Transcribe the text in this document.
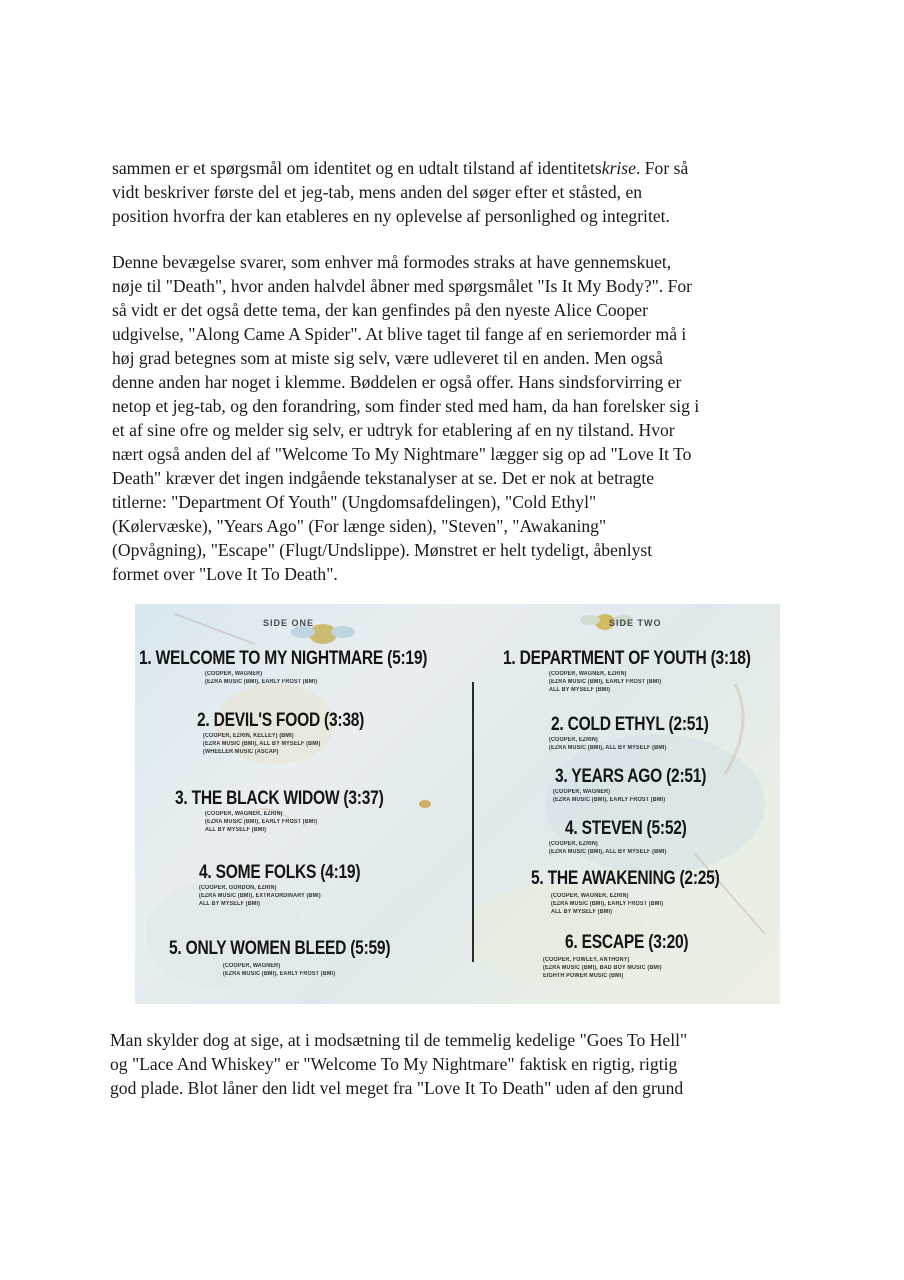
sammen er et spørgsmål om identitet og en udtalt tilstand af identitetskrise. For så
vidt beskriver første del et jeg-tab, mens anden del søger efter et ståsted, en
position hvorfra der kan etableres en ny oplevelse af personlighed og integritet.
Denne bevægelse svarer, som enhver må formodes straks at have gennemskuet,
nøje til "Death", hvor anden halvdel åbner med spørgsmålet "Is It My Body?". For
så vidt er det også dette tema, der kan genfindes på den nyeste Alice Cooper
udgivelse, "Along Came A Spider". At blive taget til fange af en seriemorder må i
høj grad betegnes som at miste sig selv, være udleveret til en anden. Men også
denne anden har noget i klemme. Bøddelen er også offer. Hans sindsforvirring er
netop et jeg-tab, og den forandring, som finder sted med ham, da han forelsker sig i
et af sine ofre og melder sig selv, er udtryk for etablering af en ny tilstand. Hvor
nært også anden del af "Welcome To My Nightmare" lægger sig op ad "Love It To
Death" kræver det ingen indgående tekstanalyser at se. Det er nok at betragte
titlerne: "Department Of Youth" (Ungdomsafdelingen), "Cold Ethyl"
(Kølervæske), "Years Ago" (For længe siden), "Steven", "Awakaning"
(Opvågning), "Escape" (Flugt/Undslippe). Mønstret er helt tydeligt, åbenlyst
formet over "Love It To Death".
SIDE ONE	SIDE TWO
1. WELCOME TO MY NIGHTMARE (5:19)
(COOPER, WAGNER)
(EZRA MUSIC (BMI), EARLY FROST (BMI)
2. DEVIL'S FOOD (3:38)
(COOPER, EZRIN, KELLEY) (BMI)
(EZRA MUSIC (BMI), ALL BY MYSELF (BMI)
(WHEELER MUSIC (ASCAP)
3. THE BLACK WIDOW (3:37)
(COOPER, WAGNER, EZRIN)
(EZRA MUSIC (BMI), EARLY FROST (BMI)
ALL BY MYSELF (BMI)
4. SOME FOLKS (4:19)
(COOPER, GORDON, EZRIN)
(EZRA MUSIC (BMI), EXTRAORDINARY (BMI)
ALL BY MYSELF (BMI)
5. ONLY WOMEN BLEED (5:59)
(COOPER, WAGNER)
(EZRA MUSIC (BMI), EARLY FROST (BMI)
1. DEPARTMENT OF YOUTH (3:18)
(COOPER, WAGNER, EZRIN)
(EZRA MUSIC (BMI), EARLY FROST (BMI)
ALL BY MYSELF (BMI)
2. COLD ETHYL (2:51)
(COOPER, EZRIN)
(EZRA MUSIC (BMI), ALL BY MYSELF (BMI)
3. YEARS AGO (2:51)
(COOPER, WAGNER)
(EZRA MUSIC (BMI), EARLY FROST (BMI)
4. STEVEN (5:52)
(COOPER, EZRIN)
(EZRA MUSIC (BMI), ALL BY MYSELF (BMI)
5. THE AWAKENING (2:25)
(COOPER, WAGNER, EZRIN)
(EZRA MUSIC (BMI), EARLY FROST (BMI)
ALL BY MYSELF (BMI)
6. ESCAPE (3:20)
(COOPER, FOWLEY, ANTHONY)
(EZRA MUSIC (BMI), BAD BOY MUSIC (BMI)
EIGHTH POWER MUSIC (BMI)
Man skylder dog at sige, at i modsætning til de temmelig kedelige "Goes To Hell"
og "Lace And Whiskey" er "Welcome To My Nightmare" faktisk en rigtig, rigtig
god plade. Blot låner den lidt vel meget fra "Love It To Death" uden af den grund
